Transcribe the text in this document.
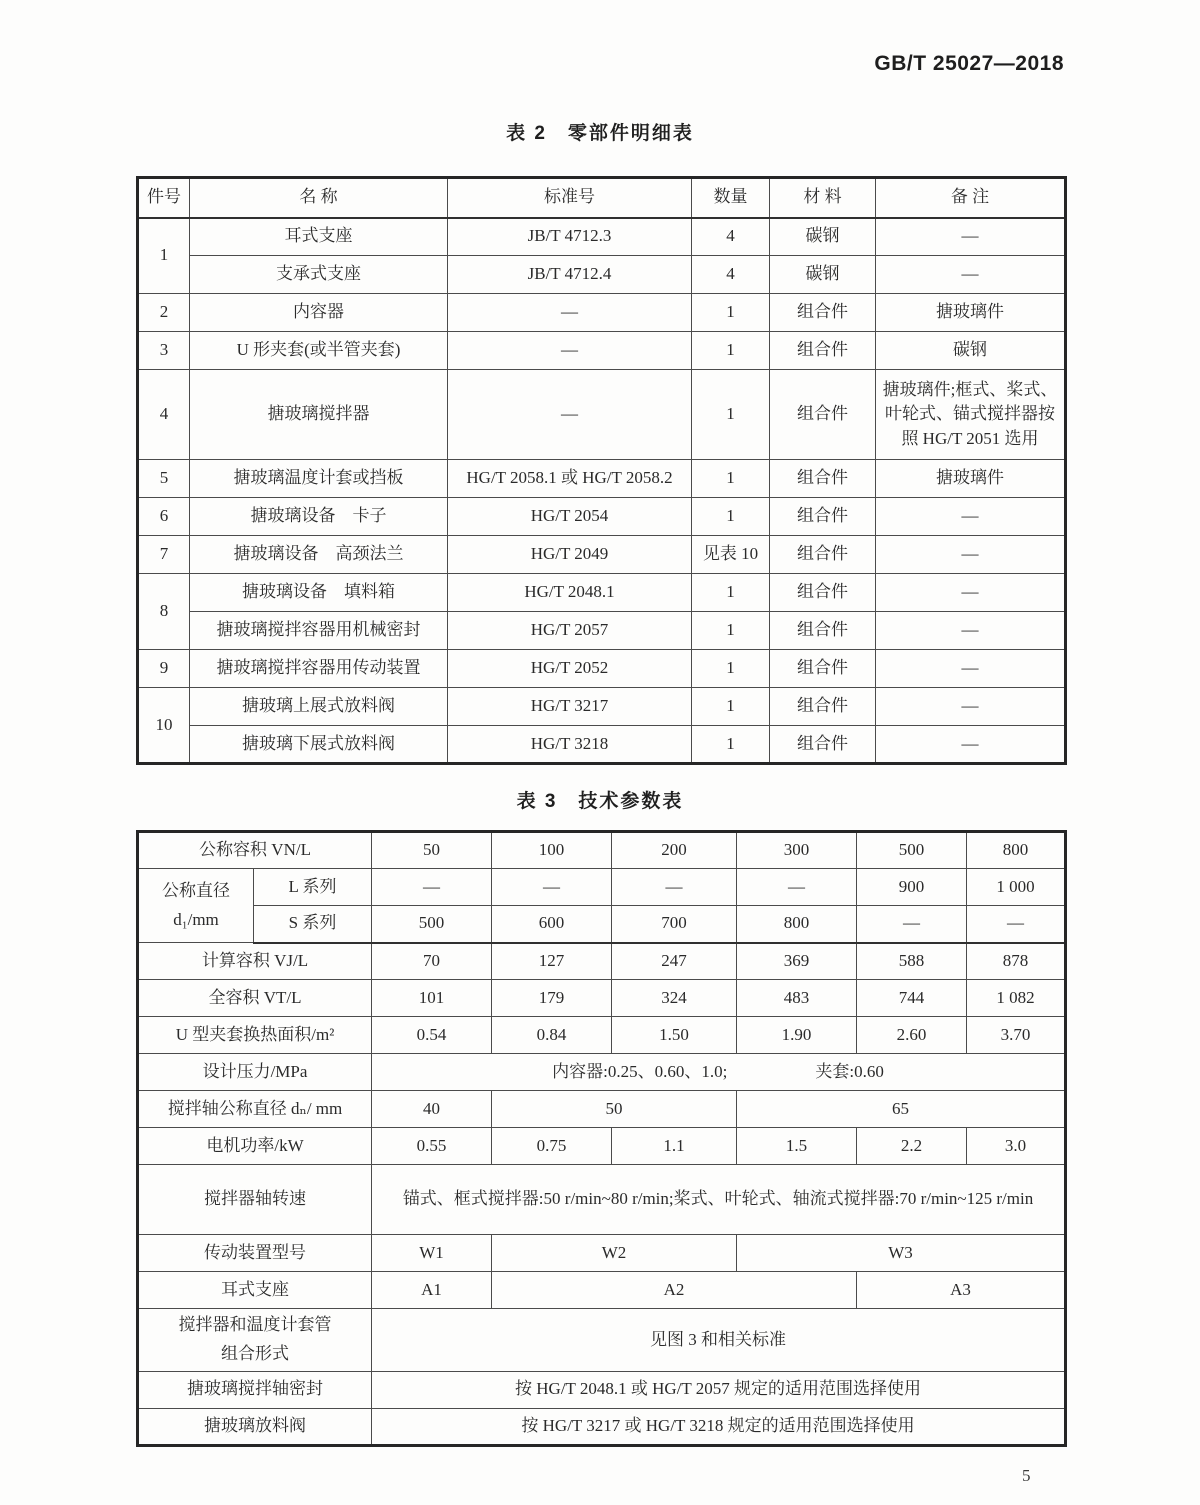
GB/T 25027—2018
表 2　零部件明细表
件号	名 称	标准号	数量	材 料	备 注
1	耳式支座	JB/T 4712.3	4	碳钢	—
	支承式支座	JB/T 4712.4	4	碳钢	—
2	内容器	—	1	组合件	搪玻璃件
3	U 形夹套(或半管夹套)	—	1	组合件	碳钢
4	搪玻璃搅拌器	—	1	组合件	搪玻璃件;框式、桨式、叶轮式、锚式搅拌器按照 HG/T 2051 选用
5	搪玻璃温度计套或挡板	HG/T 2058.1 或 HG/T 2058.2	1	组合件	搪玻璃件
6	搪玻璃设备　卡子	HG/T 2054	1	组合件	—
7	搪玻璃设备　高颈法兰	HG/T 2049	见表 10	组合件	—
8	搪玻璃设备　填料箱	HG/T 2048.1	1	组合件	—
	搪玻璃搅拌容器用机械密封	HG/T 2057	1	组合件	—
9	搪玻璃搅拌容器用传动装置	HG/T 2052	1	组合件	—
10	搪玻璃上展式放料阀	HG/T 3217	1	组合件	—
	搪玻璃下展式放料阀	HG/T 3218	1	组合件	—
表 3　技术参数表
公称容积 VN/L		50	100	200	300	500	800

公称直径
d₁/mm	L 系列	—	—	—	—	900	1 000
	S 系列	500	600	700	800	—	—
计算容积 VJ/L		70	127	247	369	588	878
全容积 VT/L		101	179	324	483	744	1 082
U 型夹套换热面积/m²		0.54	0.84	1.50	1.90	2.60	3.70
设计压力/MPa		内容器:0.25、0.60、1.0; 夹套:0.60					
搅拌轴公称直径 dₙ/ mm		40	50		65		
电机功率/kW		0.55	0.75	1.1	1.5	2.2	3.0
搅拌器轴转速		锚式、框式搅拌器:50 r/min~80 r/min;桨式、叶轮式、轴流式搅拌器:70 r/min~125 r/min					
传动装置型号		W1	W2		W3		
耳式支座		A1	A2			A3	

搅拌器和温度计套管
组合形式		见图 3 和相关标准					
搪玻璃搅拌轴密封		按 HG/T 2048.1 或 HG/T 2057 规定的适用范围选择使用					
搪玻璃放料阀		按 HG/T 3217 或 HG/T 3218 规定的适用范围选择使用					
5
